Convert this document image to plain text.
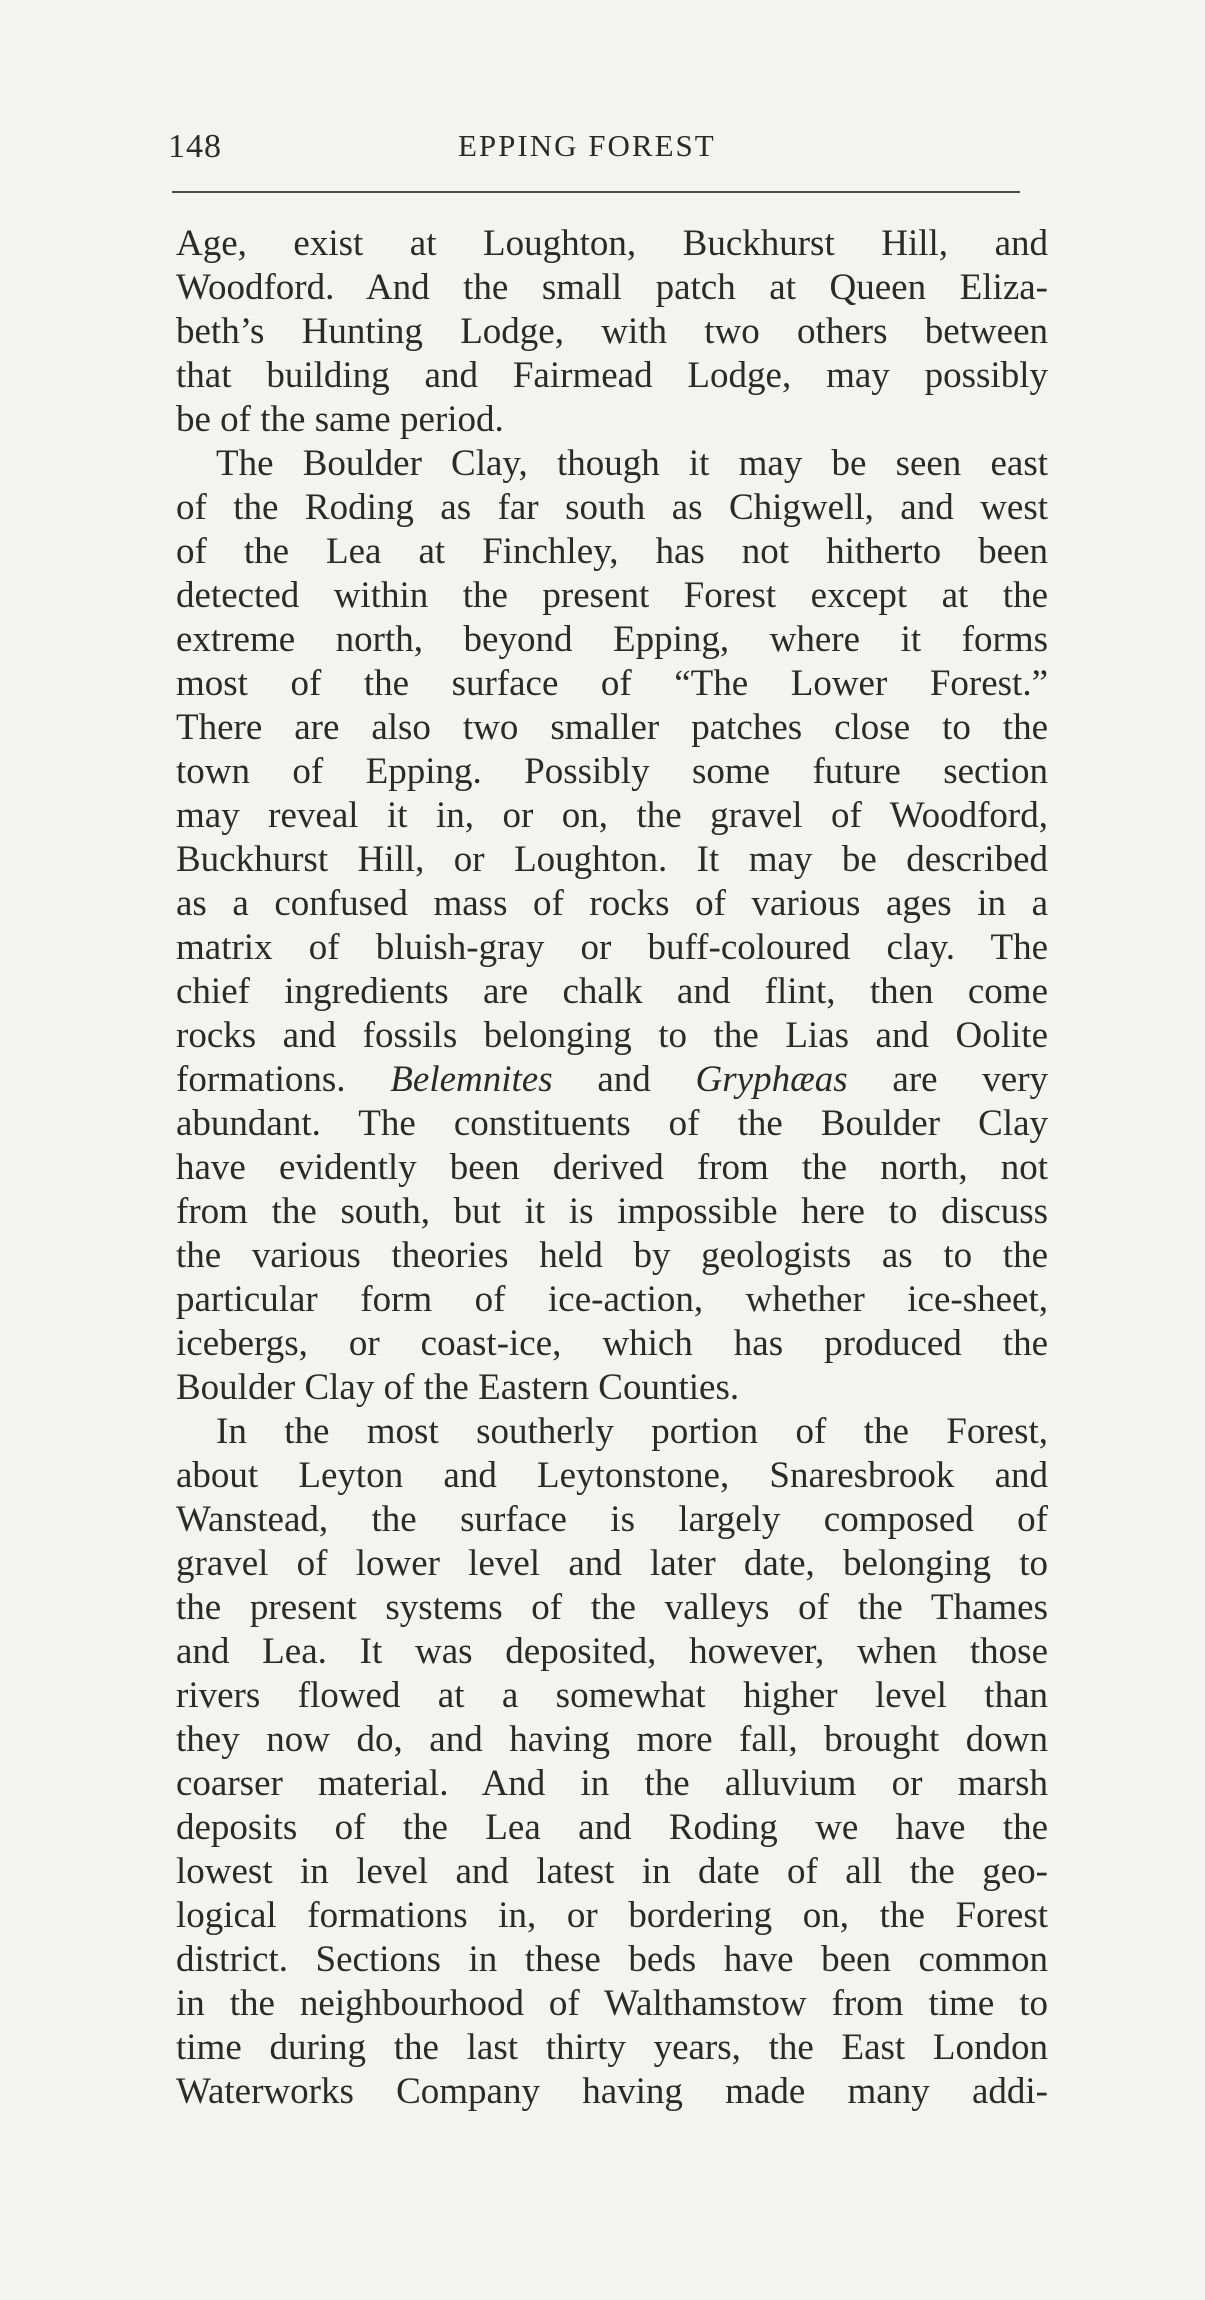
148	EPPING FOREST
Age, exist at Loughton, Buckhurst Hill, and
Woodford. And the small patch at Queen Eliza-
beth’s Hunting Lodge, with two others between
that building and Fairmead Lodge, may possibly
be of the same period.
The Boulder Clay, though it may be seen east
of the Roding as far south as Chigwell, and west
of the Lea at Finchley, has not hitherto been
detected within the present Forest except at the
extreme north, beyond Epping, where it forms
most of the surface of “The Lower Forest.”
There are also two smaller patches close to the
town of Epping. Possibly some future section
may reveal it in, or on, the gravel of Woodford,
Buckhurst Hill, or Loughton. It may be described
as a confused mass of rocks of various ages in a
matrix of bluish-gray or buff-coloured clay. The
chief ingredients are chalk and flint, then come
rocks and fossils belonging to the Lias and Oolite
formations. Belemnites and Gryphæas are very
abundant. The constituents of the Boulder Clay
have evidently been derived from the north, not
from the south, but it is impossible here to discuss
the various theories held by geologists as to the
particular form of ice-action, whether ice-sheet,
icebergs, or coast-ice, which has produced the
Boulder Clay of the Eastern Counties.
In the most southerly portion of the Forest,
about Leyton and Leytonstone, Snaresbrook and
Wanstead, the surface is largely composed of
gravel of lower level and later date, belonging to
the present systems of the valleys of the Thames
and Lea. It was deposited, however, when those
rivers flowed at a somewhat higher level than
they now do, and having more fall, brought down
coarser material. And in the alluvium or marsh
deposits of the Lea and Roding we have the
lowest in level and latest in date of all the geo-
logical formations in, or bordering on, the Forest
district. Sections in these beds have been common
in the neighbourhood of Walthamstow from time to
time during the last thirty years, the East London
Waterworks Company having made many addi-
